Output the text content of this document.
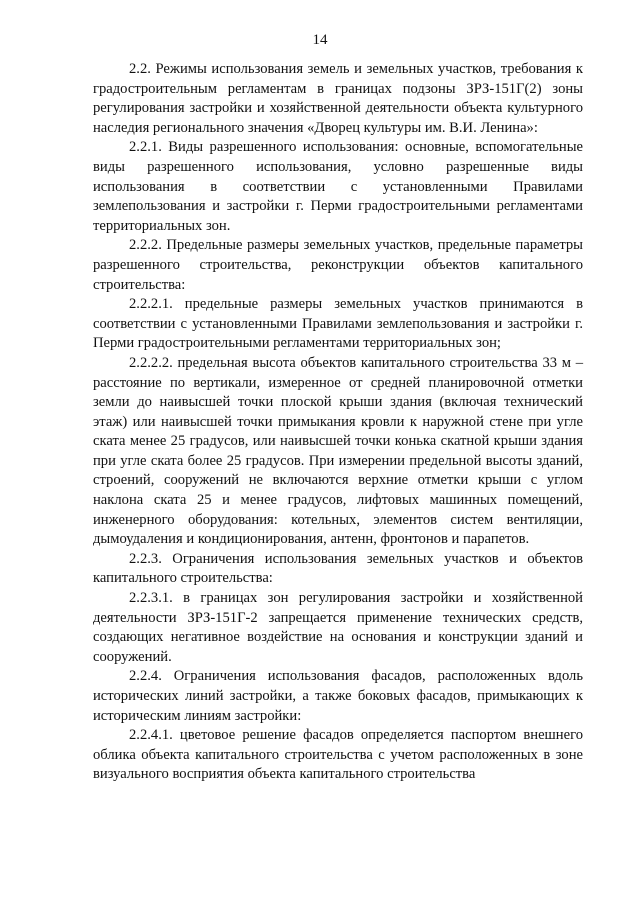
14

2.2. Режимы использования земель и земельных участков, требования к градостроительным регламентам в границах подзоны ЗРЗ-151Г(2) зоны регулирования застройки и хозяйственной деятельности объекта культурного наследия регионального значения «Дворец культуры им. В.И. Ленина»:

2.2.1. Виды разрешенного использования: основные, вспомогательные виды разрешенного использования, условно разрешенные виды использования в соответствии с установленными Правилами землепользования и застройки г. Перми градостроительными регламентами территориальных зон.

2.2.2. Предельные размеры земельных участков, предельные параметры разрешенного строительства, реконструкции объектов капитального строительства:

2.2.2.1. предельные размеры земельных участков принимаются в соответствии с установленными Правилами землепользования и застройки г. Перми градостроительными регламентами территориальных зон;

2.2.2.2. предельная высота объектов капитального строительства 33 м – расстояние по вертикали, измеренное от средней планировочной отметки земли до наивысшей точки плоской крыши здания (включая технический этаж) или наивысшей точки примыкания кровли к наружной стене при угле ската менее 25 градусов, или наивысшей точки конька скатной крыши здания при угле ската более 25 градусов. При измерении предельной высоты зданий, строений, сооружений не включаются верхние отметки крыши с углом наклона ската 25 и менее градусов, лифтовых машинных помещений, инженерного оборудования: котельных, элементов систем вентиляции, дымоудаления и кондиционирования, антенн, фронтонов и парапетов.

2.2.3. Ограничения использования земельных участков и объектов капитального строительства:

2.2.3.1. в границах зон регулирования застройки и хозяйственной деятельности ЗРЗ-151Г-2 запрещается применение технических средств, создающих негативное воздействие на основания и конструкции зданий и сооружений.

2.2.4. Ограничения использования фасадов, расположенных вдоль исторических линий застройки, а также боковых фасадов, примыкающих к историческим линиям застройки:

2.2.4.1. цветовое решение фасадов определяется паспортом внешнего облика объекта капитального строительства с учетом расположенных в зоне визуального восприятия объекта капитального строительства
